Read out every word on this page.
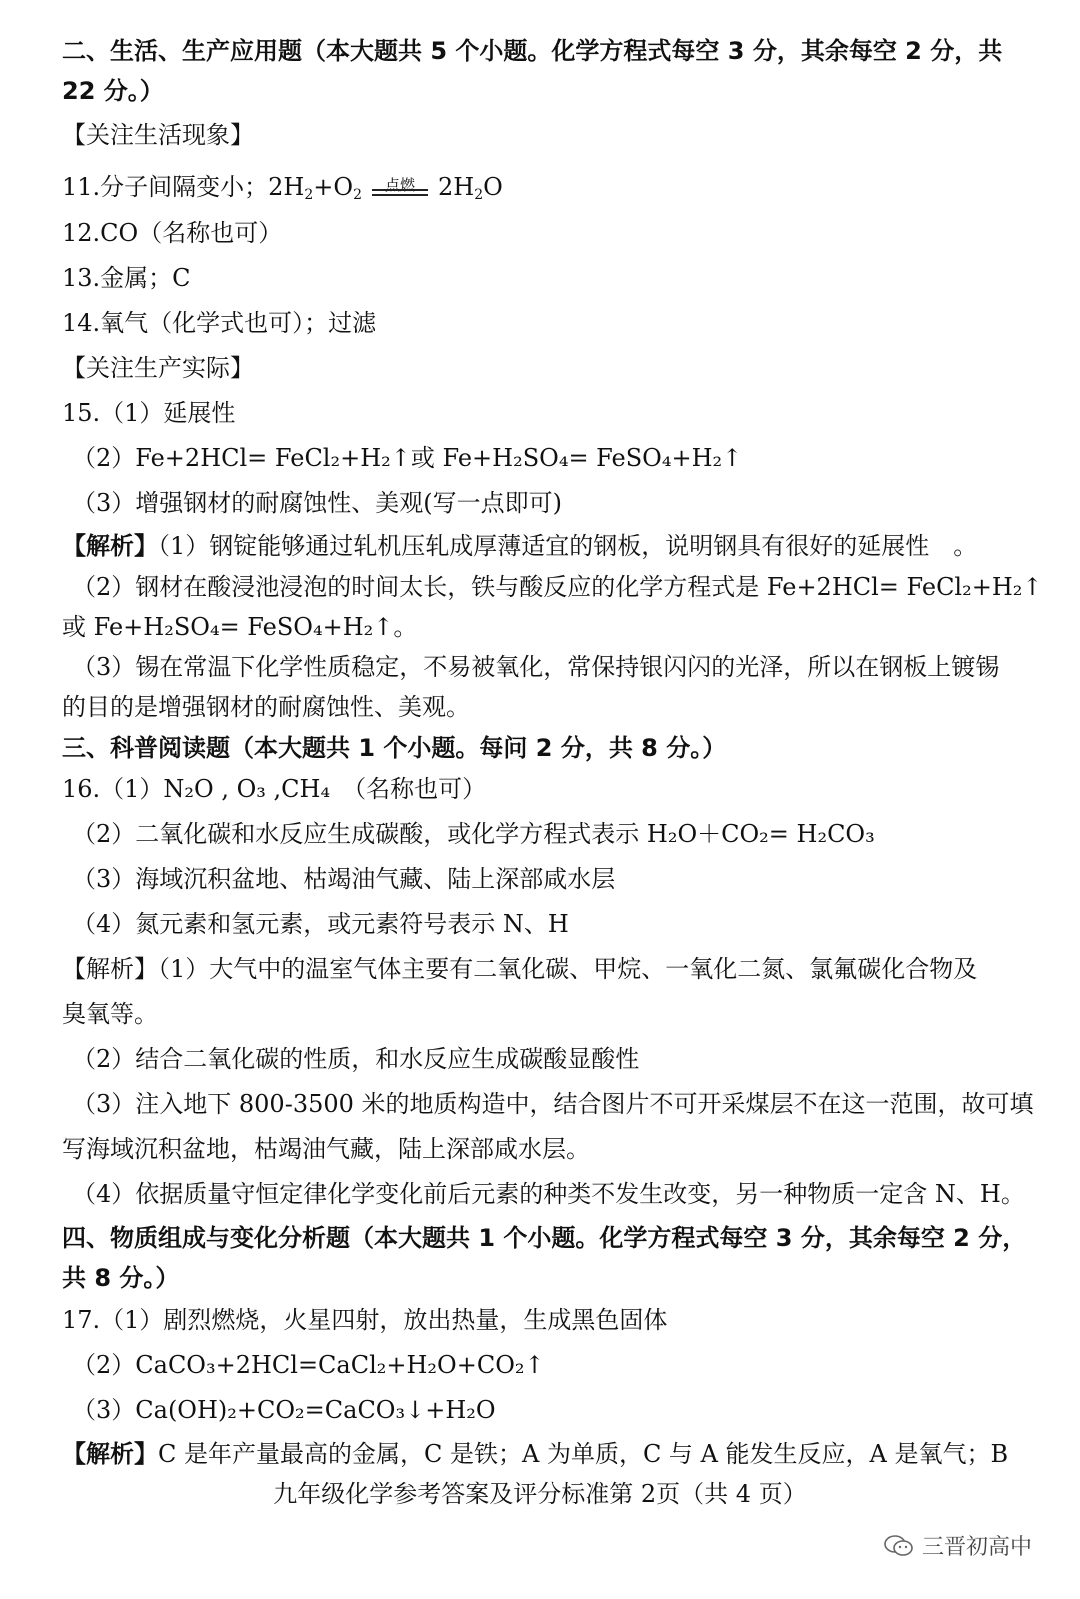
二、生活、生产应用题（本大题共 5 个小题。化学方程式每空 3 分，其余每空 2 分，共
22 分。）
【关注生活现象】
11.分子间隔变小；$2H_2+O_2$
点燃 $2H_2O$
12.CO（名称也可）
13.金属；C
14.氧气（化学式也可）；过滤
【关注生产实际】
15.（1）延展性
（2）Fe+2HCl= FeCl₂+H₂↑或 Fe+H₂SO₄= FeSO₄+H₂↑
（3）增强钢材的耐腐蚀性、美观(写一点即可)
【解析】（1）钢锭能够通过轧机压轧成厚薄适宜的钢板，说明钢具有很好的延展性　。
（2）钢材在酸浸池浸泡的时间太长，铁与酸反应的化学方程式是 Fe+2HCl= FeCl₂+H₂↑
或 Fe+H₂SO₄= FeSO₄+H₂↑。
（3）锡在常温下化学性质稳定，不易被氧化，常保持银闪闪的光泽，所以在钢板上镀锡
的目的是增强钢材的耐腐蚀性、美观。
三、科普阅读题（本大题共 1 个小题。每问 2 分，共 8 分。）
16.（1）N₂O , O₃ ,CH₄　（名称也可）
（2）二氧化碳和水反应生成碳酸，或化学方程式表示 H₂O＋CO₂= H₂CO₃
（3）海域沉积盆地、枯竭油气藏、陆上深部咸水层
（4）氮元素和氢元素，或元素符号表示 N、H
【解析】（1）大气中的温室气体主要有二氧化碳、甲烷、一氧化二氮、氯氟碳化合物及
臭氧等。
（2）结合二氧化碳的性质，和水反应生成碳酸显酸性
（3）注入地下 800-3500 米的地质构造中，结合图片不可开采煤层不在这一范围，故可填
写海域沉积盆地，枯竭油气藏，陆上深部咸水层。
（4）依据质量守恒定律化学变化前后元素的种类不发生改变，另一种物质一定含 N、H。
四、物质组成与变化分析题（本大题共 1 个小题。化学方程式每空 3 分，其余每空 2 分，
共 8 分。）
17.（1）剧烈燃烧，火星四射，放出热量，生成黑色固体
（2）CaCO₃+2HCl=CaCl₂+H₂O+CO₂↑
（3）Ca(OH)₂+CO₂=CaCO₃↓+H₂O
【解析】C 是年产量最高的金属，C 是铁；A 为单质，C 与 A 能发生反应，A 是氧气；B
九年级化学参考答案及评分标准第 2页（共 4 页）
三晋初高中
